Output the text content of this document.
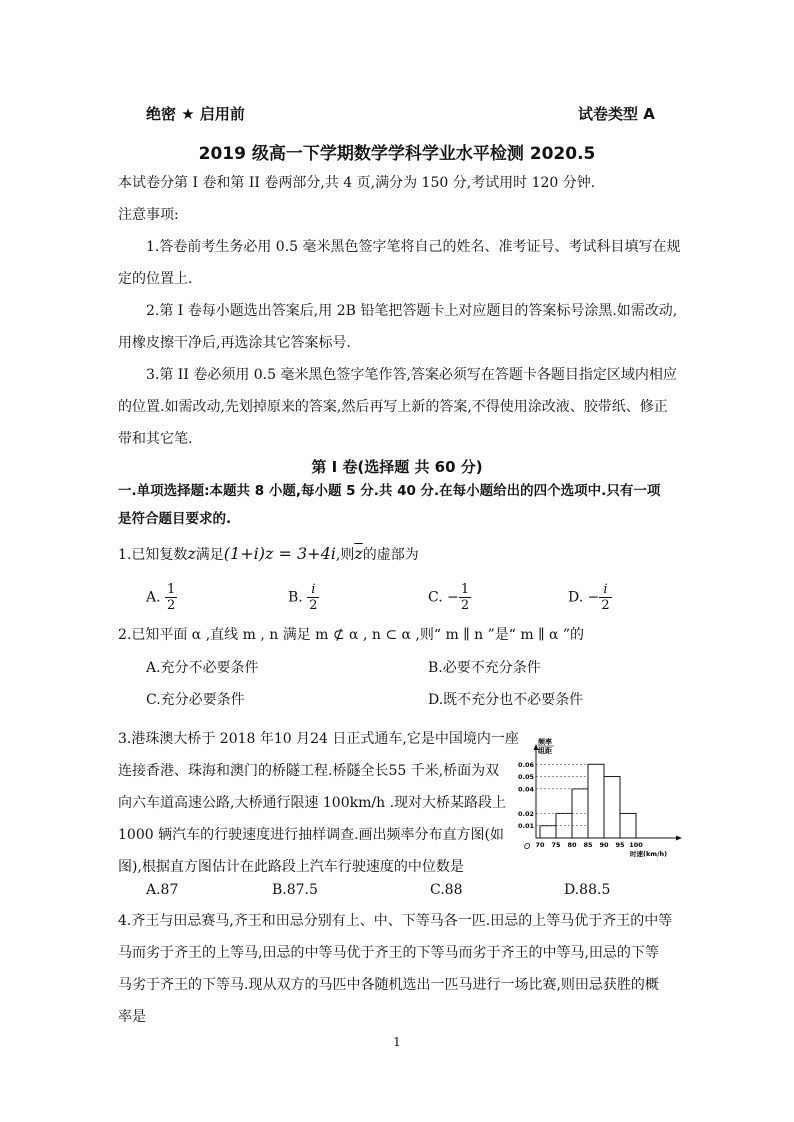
绝密 ★ 启用前	试卷类型 A
2019 级高一下学期数学学科学业水平检测 2020.5
本试卷分第 I 卷和第 II 卷两部分,共 4 页,满分为 150 分,考试用时 120 分钟.
注意事项:
1.答卷前考生务必用 0.5 毫米黑色签字笔将自己的姓名、准考证号、考试科目填写在规
定的位置上.
2.第 I 卷每小题选出答案后,用 2B 铅笔把答题卡上对应题目的答案标号涂黑.如需改动,
用橡皮擦干净后,再选涂其它答案标号.
3.第 II 卷必须用 0.5 毫米黑色签字笔作答,答案必须写在答题卡各题目指定区域内相应
的位置.如需改动,先划掉原来的答案,然后再写上新的答案,不得使用涂改液、胶带纸、修正
带和其它笔.
第 I 卷(选择题 共 60 分)
一.单项选择题:本题共 8 小题,每小题 5 分.共 40 分.在每小题给出的四个选项中.只有一项
是符合题目要求的.
1.已知复数z满足(1+i)z = 3+4i,则$\overline{z}$的虚部为
A. $\frac{1}{2}$	B. $\frac{i}{2}$	C. − $\frac{1}{2}$	D. − $\frac{i}{2}$
2.已知平面 α ,直线 m , n 满足 m ⊄ α , n ⊂ α ,则“ m ∥ n ”是“ m ∥ α ”的
A.充分不必要条件	B.必要不充分条件
C.充分必要条件	D.既不充分也不必要条件
3.港珠澳大桥于 2018 年10 月24 日正式通车,它是中国境内一座
连接香港、珠海和澳门的桥隧工程.桥隧全长55 千米,桥面为双
向六车道高速公路,大桥通行限速 100km/h .现对大桥某路段上
1000 辆汽车的行驶速度进行抽样调查.画出频率分布直方图(如
图),根据直方图估计在此路段上汽车行驶速度的中位数是
A.87	B.87.5	C.88	D.88.5
频率
组距
O
时速(km/h)
0.06
0.05
0.04
0.02
0.01
70 75 80 85 90 95 100
4.齐王与田忌赛马,齐王和田忌分别有上、中、下等马各一匹.田忌的上等马优于齐王的中等
马而劣于齐王的上等马,田忌的中等马优于齐王的下等马而劣于齐王的中等马,田忌的下等
马劣于齐王的下等马.现从双方的马匹中各随机选出一匹马进行一场比赛,则田忌获胜的概
率是
1
